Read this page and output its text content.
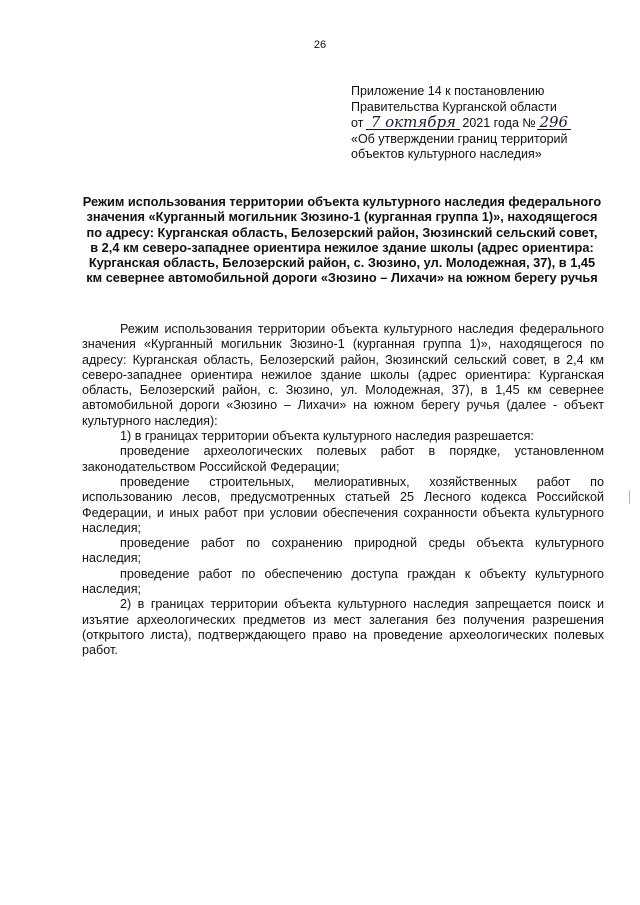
26
Приложение 14 к постановлению
Правительства Курганской области
от 7 октября 2021 года № 296
«Об утверждении границ территорий
объектов культурного наследия»
Режим использования территории объекта культурного наследия федерального значения «Курганный могильник Зюзино-1 (курганная группа 1)», находящегося по адресу: Курганская область, Белозерский район, Зюзинский сельский совет, в 2,4 км северо-западнее ориентира нежилое здание школы (адрес ориентира: Курганская область, Белозерский район, с. Зюзино, ул. Молодежная, 37), в 1,45 км севернее автомобильной дороги «Зюзино – Лихачи» на южном берегу ручья

Режим использования территории объекта культурного наследия федерального значения «Курганный могильник Зюзино-1 (курганная группа 1)», находящегося по адресу: Курганская область, Белозерский район, Зюзинский сельский совет, в 2,4 км северо-западнее ориентира нежилое здание школы (адрес ориентира: Курганская область, Белозерский район, с. Зюзино, ул. Молодежная, 37), в 1,45 км севернее автомобильной дороги «Зюзино – Лихачи» на южном берегу ручья (далее - объект культурного наследия):

1) в границах территории объекта культурного наследия разрешается:

проведение археологических полевых работ в порядке, установленном законодательством Российской Федерации;

проведение строительных, мелиоративных, хозяйственных работ по использованию лесов, предусмотренных статьей 25 Лесного кодекса Российской Федерации, и иных работ при условии обеспечения сохранности объекта культурного наследия;

проведение работ по сохранению природной среды объекта культурного наследия;

проведение работ по обеспечению доступа граждан к объекту культурного наследия;

2) в границах территории объекта культурного наследия запрещается поиск и изъятие археологических предметов из мест залегания без получения разрешения (открытого листа), подтверждающего право на проведение археологических полевых работ.
